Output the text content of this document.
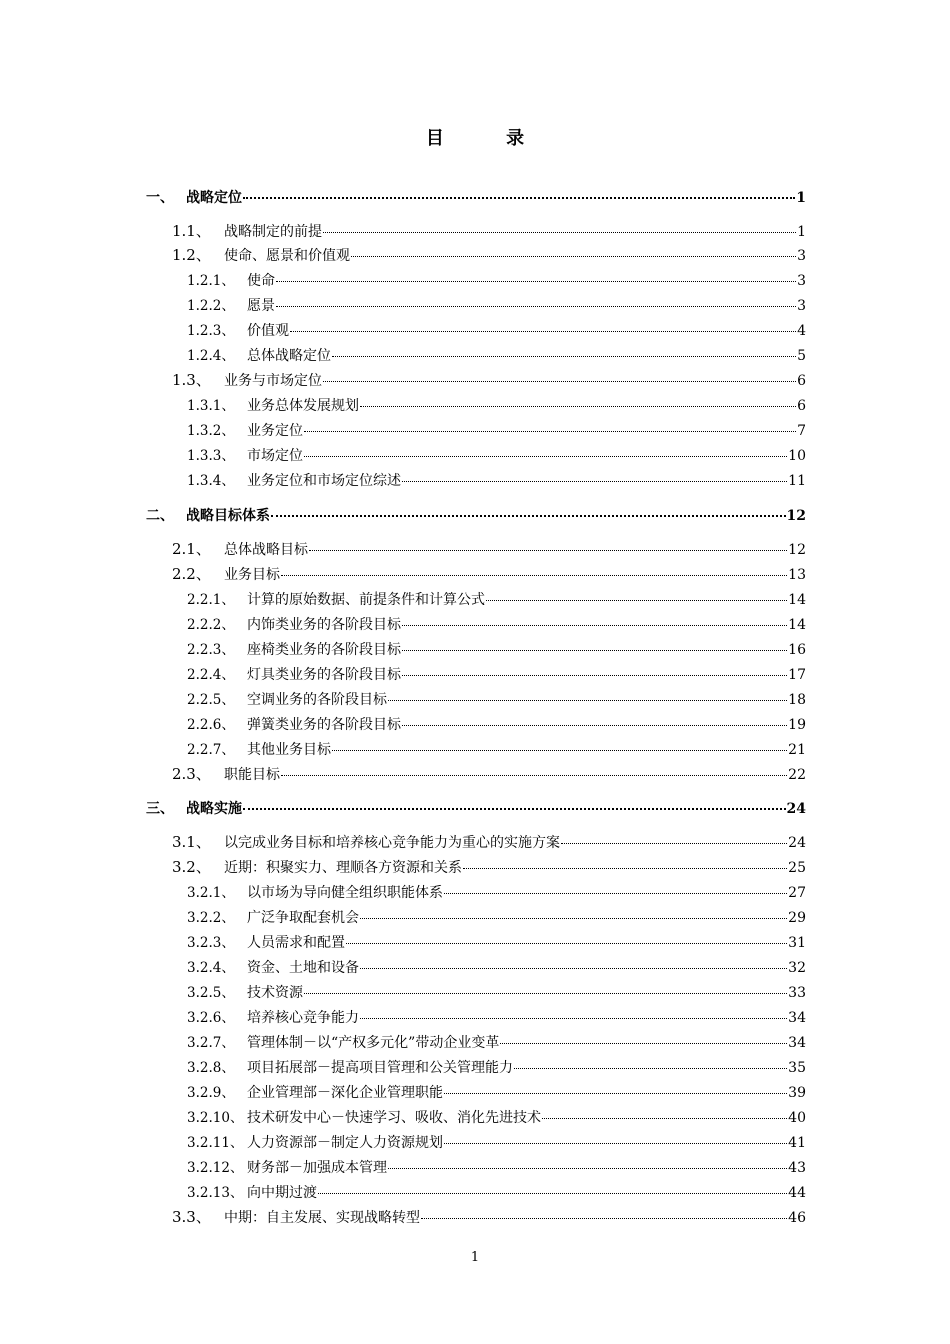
目 录
一、 战略定位	1
1.1、 战略制定的前提	1
1.2、 使命、愿景和价值观	3
1.2.1、 使命	3
1.2.2、 愿景	3
1.2.3、 价值观	4
1.2.4、 总体战略定位	5
1.3、 业务与市场定位	6
1.3.1、 业务总体发展规划	6
1.3.2、 业务定位	7
1.3.3、 市场定位	10
1.3.4、 业务定位和市场定位综述	11
二、 战略目标体系	12
2.1、 总体战略目标	12
2.2、 业务目标	13
2.2.1、 计算的原始数据、前提条件和计算公式	14
2.2.2、 内饰类业务的各阶段目标	14
2.2.3、 座椅类业务的各阶段目标	16
2.2.4、 灯具类业务的各阶段目标	17
2.2.5、 空调业务的各阶段目标	18
2.2.6、 弹簧类业务的各阶段目标	19
2.2.7、 其他业务目标	21
2.3、 职能目标	22
三、 战略实施	24
3.1、 以完成业务目标和培养核心竞争能力为重心的实施方案	24
3.2、 近期：积聚实力、理顺各方资源和关系	25
3.2.1、 以市场为导向健全组织职能体系	27
3.2.2、 广泛争取配套机会	29
3.2.3、 人员需求和配置	31
3.2.4、 资金、土地和设备	32
3.2.5、 技术资源	33
3.2.6、 培养核心竞争能力	34
3.2.7、 管理体制－以“产权多元化”带动企业变革	34
3.2.8、 项目拓展部－提高项目管理和公关管理能力	35
3.2.9、 企业管理部－深化企业管理职能	39
3.2.10、 技术研发中心－快速学习、吸收、消化先进技术	40
3.2.11、 人力资源部－制定人力资源规划	41
3.2.12、 财务部－加强成本管理	43
3.2.13、 向中期过渡	44
3.3、 中期：自主发展、实现战略转型	46
1
